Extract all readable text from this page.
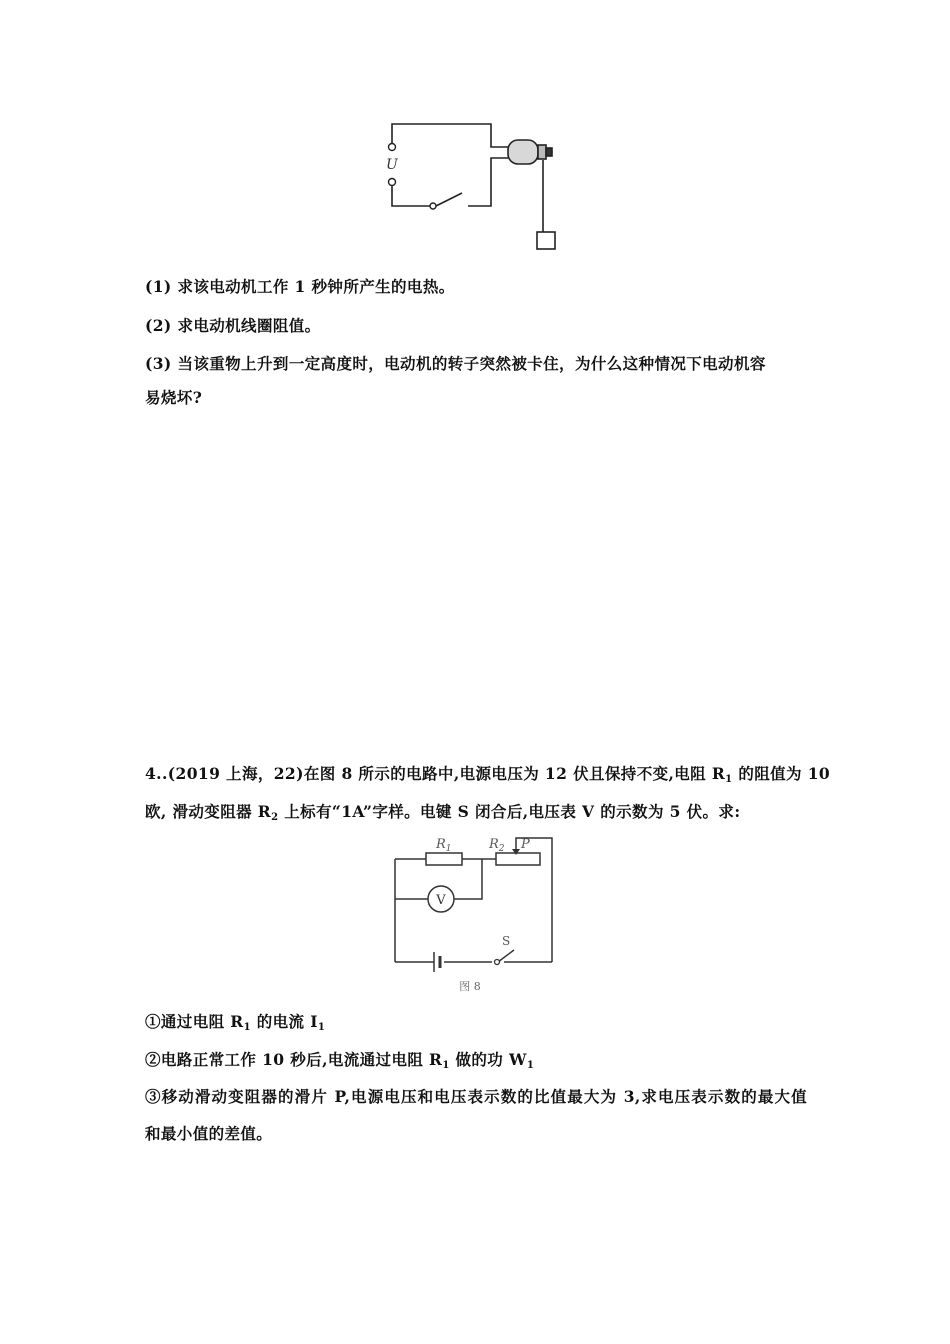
U
(1) 求该电动机工作 1 秒钟所产生的电热。
(2) 求电动机线圈阻值。
(3) 当该重物上升到一定高度时，电动机的转子突然被卡住，为什么这种情况下电动机容
易烧坏?
4..(2019 上海，22)在图 8 所示的电路中,电源电压为 12 伏且保持不变,电阻 $R_1$ 的阻值为 10
欧, 滑动变阻器 $R_2$ 上标有“1A”字样。电键 S 闭合后,电压表 V 的示数为 5 伏。求:
$R_1$	$R_2$ P
V
S
图 8
①通过电阻 $R_1$ 的电流 $I_1$
②电路正常工作 10 秒后,电流通过电阻 $R_1$ 做的功 $W_1$
③移动滑动变阻器的滑片 P,电源电压和电压表示数的比值最大为 3,求电压表示数的最大值
和最小值的差值。
